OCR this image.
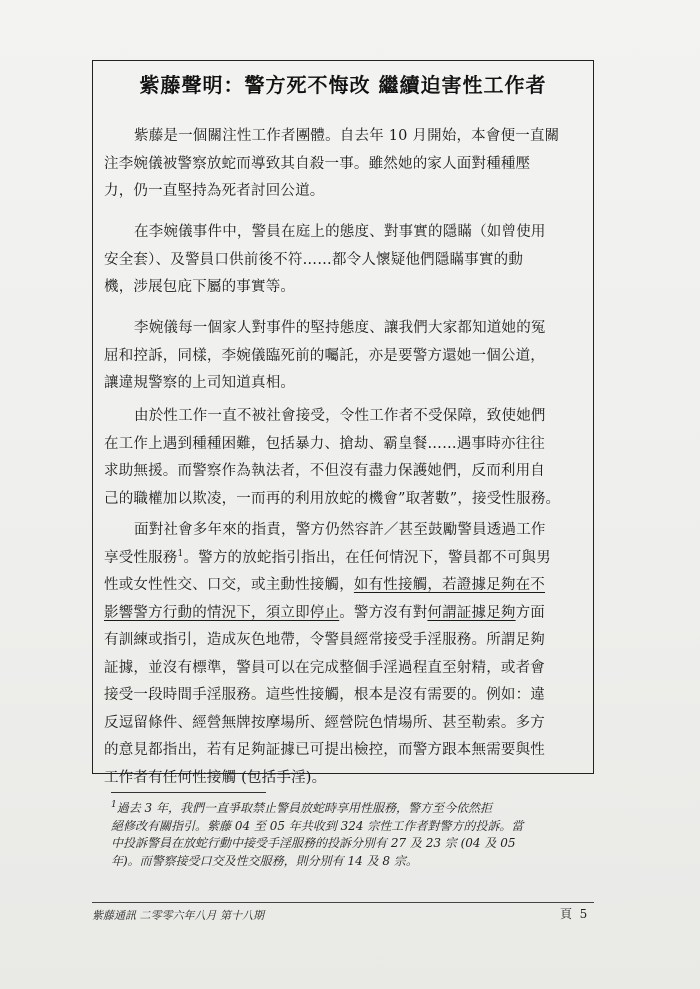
紫藤聲明：警方死不悔改 繼續迫害性工作者
紫藤是一個關注性工作者團體。自去年 10 月開始，本會便一直關
注李婉儀被警察放蛇而導致其自殺一事。雖然她的家人面對種種壓
力，仍一直堅持為死者討回公道。
在李婉儀事件中，警員在庭上的態度、對事實的隱瞞（如曾使用
安全套）、及警員口供前後不符……都令人懷疑他們隱瞞事實的動
機，涉展包庇下屬的事實等。
李婉儀每一個家人對事件的堅持態度、讓我們大家都知道她的冤
屈和控訴，同樣，李婉儀臨死前的囑託，亦是要警方還她一個公道，
讓違規警察的上司知道真相。
由於性工作一直不被社會接受，令性工作者不受保障，致使她們
在工作上遇到種種困難，包括暴力、搶劫、霸皇餐……遇事時亦往往
求助無援。而警察作為執法者，不但沒有盡力保護她們，反而利用自
己的職權加以欺凌，一而再的利用放蛇的機會”取著數”，接受性服務。
面對社會多年來的指責，警方仍然容許／甚至鼓勵警員透過工作
享受性服務$^1$。警方的放蛇指引指出，在任何情況下，警員都不可與男
性或女性性交、口交，或主動性接觸，如有性接觸，若證據足夠在不
影響警方行動的情況下，須立即停止。警方沒有對何謂証據足夠方面
有訓練或指引，造成灰色地帶，令警員經常接受手淫服務。所謂足夠
証據，並沒有標準，警員可以在完成整個手淫過程直至射精，或者會
接受一段時間手淫服務。這些性接觸，根本是沒有需要的。例如：違
反逗留條件、經營無牌按摩場所、經營院色情場所、甚至勒索。多方
的意見都指出，若有足夠証據已可提出檢控，而警方跟本無需要與性
工作者有任何性接觸 (包括手淫)。
$^1$過去 3 年，我們一直爭取禁止警員放蛇時享用性服務，警方至今依然拒
絕修改有關指引。紫藤 04 至 05 年共收到 324 宗性工作者對警方的投訴。當
中投訴警員在放蛇行動中接受手淫服務的投訴分別有 27 及 23 宗 (04 及 05
年)。而警察接受口交及性交服務，則分別有 14 及 8 宗。
紫藤通訊 二零零六年八月 第十八期	頁 5
